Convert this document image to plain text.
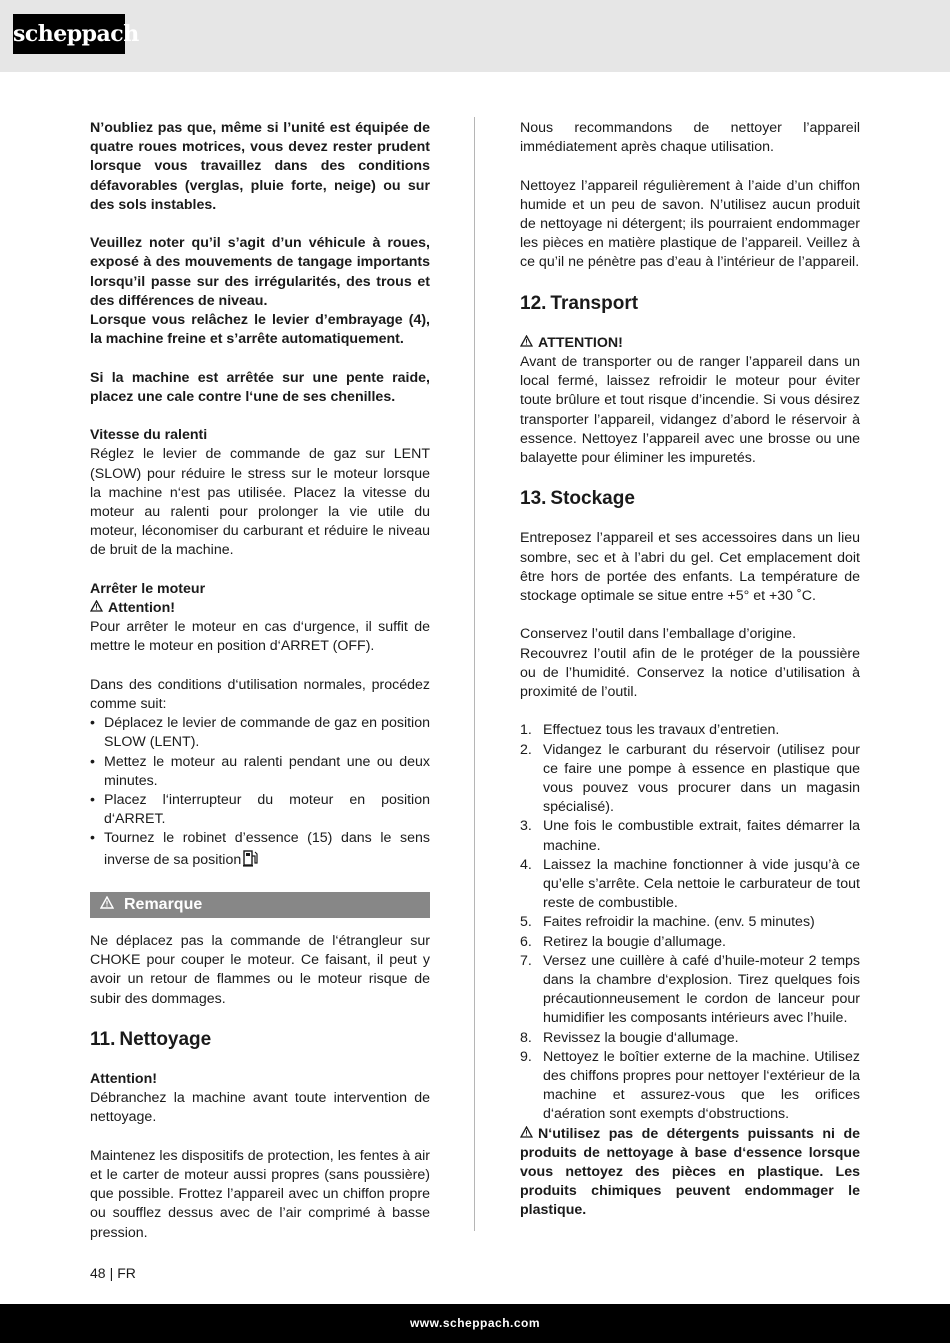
scheppach

N’oubliez pas que, même si l’unité est équipée de quatre roues motrices, vous devez rester prudent lorsque vous travaillez dans des conditions défavorables (verglas, pluie forte, neige) ou sur des sols instables.

Veuillez noter qu’il s’agit d’un véhicule à roues, exposé à des mouvements de tangage importants lorsqu’il passe sur des irrégularités, des trous et des différences de niveau.

Lorsque vous relâchez le levier d’embrayage (4), la machine freine et s’arrête automatiquement.

Si la machine est arrêtée sur une pente raide, placez une cale contre l‘une de ses chenilles.

Vitesse du ralenti

Réglez le levier de commande de gaz sur LENT (SLOW) pour réduire le stress sur le moteur lorsque la machine n‘est pas utilisée. Placez la vitesse du moteur au ralenti pour prolonger la vie utile du moteur, léconomiser du carburant et réduire le niveau de bruit de la machine.

Arrêter le moteur
Attention!

Pour arrêter le moteur en cas d‘urgence, il suffit de mettre le moteur en position d‘ARRET (OFF).

Dans des conditions d‘utilisation normales, procédez comme suit:

• Déplacez le levier de commande de gaz en position SLOW (LENT).
• Mettez le moteur au ralenti pendant une ou deux minutes.
• Placez l‘interrupteur du moteur en position d‘ARRET.
• Tournez le robinet d’essence (15) dans le sens inverse de sa position
Remarque

Ne déplacez pas la commande de l‘étrangleur sur CHOKE pour couper le moteur. Ce faisant, il peut y avoir un retour de flammes ou le moteur risque de subir des dommages.

11. Nettoyage
Attention!

Débranchez la machine avant toute intervention de nettoyage.

Maintenez les dispositifs de protection, les fentes à air et le carter de moteur aussi propres (sans poussière) que possible. Frottez l’appareil avec un chiffon propre ou soufflez dessus avec de l’air comprimé à basse pression.

Nous recommandons de nettoyer l’appareil immédiatement après chaque utilisation.

Nettoyez l’appareil régulièrement à l’aide d’un chiffon humide et un peu de savon. N’utilisez aucun produit de nettoyage ni détergent; ils pourraient endommager les pièces en matière plastique de l’appareil. Veillez à ce qu’il ne pénètre pas d’eau à l’intérieur de l’appareil.

12. Transport
ATTENTION!

Avant de transporter ou de ranger l’appareil dans un local fermé, laissez refroidir le moteur pour éviter toute brûlure et tout risque d’incendie. Si vous désirez transporter l’appareil, vidangez d’abord le réservoir à essence. Nettoyez l’appareil avec une brosse ou une balayette pour éliminer les impuretés.

13. Stockage

Entreposez l’appareil et ses accessoires dans un lieu sombre, sec et à l’abri du gel. Cet emplacement doit être hors de portée des enfants. La température de stockage optimale se situe entre +5° et +30 ˚C.

Conservez l’outil dans l’emballage d’origine.

Recouvrez l’outil afin de le protéger de la poussière ou de l’humidité. Conservez la notice d’utilisation à proximité de l’outil.

1. Effectuez tous les travaux d’entretien.
2. Vidangez le carburant du réservoir (utilisez pour ce faire une pompe à essence en plastique que vous pouvez vous procurer dans un magasin spécialisé).
3. Une fois le combustible extrait, faites démarrer la machine.
4. Laissez la machine fonctionner à vide jusqu’à ce qu’elle s’arrête. Cela nettoie le carburateur de tout reste de combustible.
5. Faites refroidir la machine. (env. 5 minutes)
6. Retirez la bougie d’allumage.
7. Versez une cuillère à café d’huile-moteur 2 temps dans la chambre d‘explosion. Tirez quelques fois précautionneusement le cordon de lanceur pour humidifier les composants intérieurs avec l’huile.
8. Revissez la bougie d‘allumage.
9. Nettoyez le boîtier externe de la machine. Utilisez des chiffons propres pour nettoyer l‘extérieur de la machine et assurez-vous que les orifices d‘aération sont exempts d‘obstructions.

N‘utilisez pas de détergents puissants ni de produits de nettoyage à base d‘essence lorsque vous nettoyez des pièces en plastique. Les produits chimiques peuvent endommager le plastique.

48 | FR
www.scheppach.com
